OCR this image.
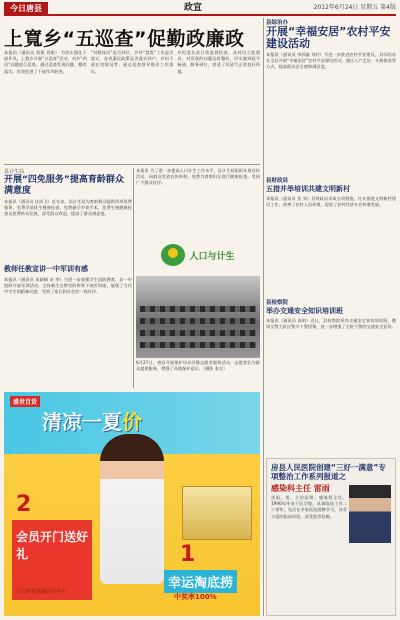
今日唐县	政宣	2012年6月24日 星期五 第4版
上寬乡“五巡查”促勤政廉政
本报讯（通讯员 贾根 刘彬） 为切实强化干部作风，上寬乡开展“五巡查”活动，对乡“四风”问题进行巡查。通过巡查发现问题、整改落实，有效促进了干部作风转变。
“对群体访”是否到位，乡村“禁毒”工作是否落实，各项惠民政策是否落实到户，乡村干部在岗情况等，通过巡查督导推动工作落实。
乡纪委负责日常监督检查，各村设立监督员，对发现的问题及时整改，切实做到政令畅通、服务到位，营造了风清气正的良好环境。
县计生局
开展“四免服务”提高育龄群众满意度
本报讯（通讯员 任成飞）近年来，县计生局为育龄群众提供四项免费服务，免费孕前优生健康检查、免费避孕节育手术、免费生殖健康检查及免费药具发放，深受群众欢迎，提高了群众满意度。
本报讯 为了进一步提高人口计生工作水平，县计生局组织开展宣传活动，向群众发放宣传资料，免费为育龄妇女进行健康检查，受到广大群众好评。
人口与计生
教师任教宣讲一中军训有感
本报讯（通讯员 朱晓峰 宋 李）为进一步加强学生国防教育，县一中组织开展军训活动，全体新生在教官的带领下刻苦训练，展现了当代中学生的精神风貌，受到了家长和社会的一致好评。
6月27日，唐县开展保护母亲河暨志愿者服务活动，志愿者们为群众提供服务，增强了环境保护意识。（摄影 张京）
盛世百货
清凉一夏价
2
1
会员开门送好礼
幸运淘底捞
中奖率100%
会员购物满额即可参与
县综治办
开展“幸福安居”农村平安建设活动
本报讯（通讯员 李郭旗 刘轩）为进一步推进农村平安建设，县综治办在全县开展“幸福安居”农村平安建设活动，通过入户走访、矛盾排查等方式，提高群众安全感和满意度。
县财政局
五措并举培训共建文明新村
本报讯（通讯员 张 刘）县财政局采取五项措施，扎实推进文明新村建设工作，改善了农村人居环境，促进了农村经济社会和谐发展。
县检察院
举办交通安全知识培训班
本报讯（通讯员 高明）近日，县检察院举办交通安全知识培训班，邀请交警大队民警为干警授课，进一步增强了全院干警的交通安全意识。
房县人民医院创建“三好一满意”专项整治工作系列报道之
感染科主任 雷雨
雷雨，男，主治医师，感染科主任。1990年毕业于医学院，从事临床工作二十余年，先后在多家医院进修学习，具有丰富的临床经验，深受患者信赖。
